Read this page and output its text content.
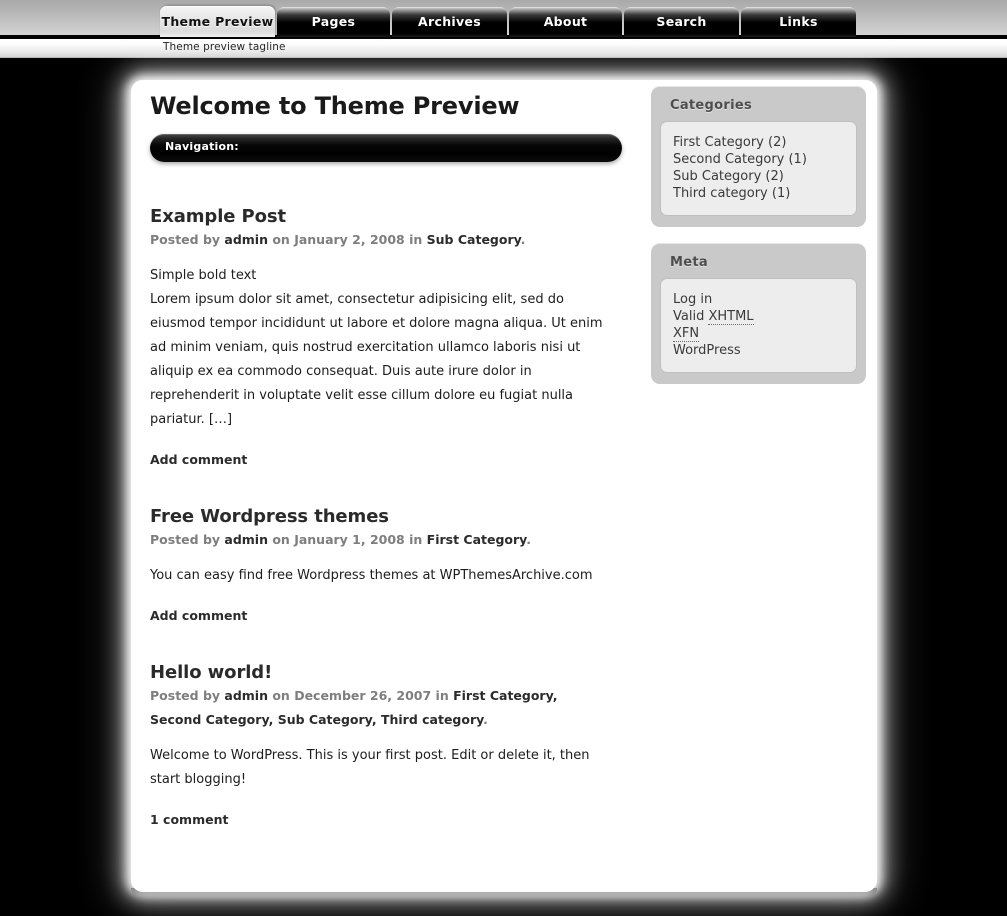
Theme Preview	Pages	Archives	About	Search	Links
Theme preview tagline
Welcome to Theme Preview
Navigation:
Example Post
Posted by admin on January 2, 2008 in Sub Category.

Simple bold text

Lorem ipsum dolor sit amet, consectetur adipisicing elit, sed do eiusmod tempor incididunt ut labore et dolore magna aliqua. Ut enim ad minim veniam, quis nostrud exercitation ullamco laboris nisi ut aliquip ex ea commodo consequat. Duis aute irure dolor in reprehenderit in voluptate velit esse cillum dolore eu fugiat nulla pariatur. […]

Add comment
Free Wordpress themes
Posted by admin on January 1, 2008 in First Category.

You can easy find free Wordpress themes at WPThemesArchive.com

Add comment
Hello world!
Posted by admin on December 26, 2007 in First Category, Second Category, Sub Category, Third category.

Welcome to WordPress. This is your first post. Edit or delete it, then start blogging!

1 comment
Categories
First Category (2)
Second Category (1)
Sub Category (2)
Third category (1)
Meta
Log in
Valid XHTML
XFN
WordPress
